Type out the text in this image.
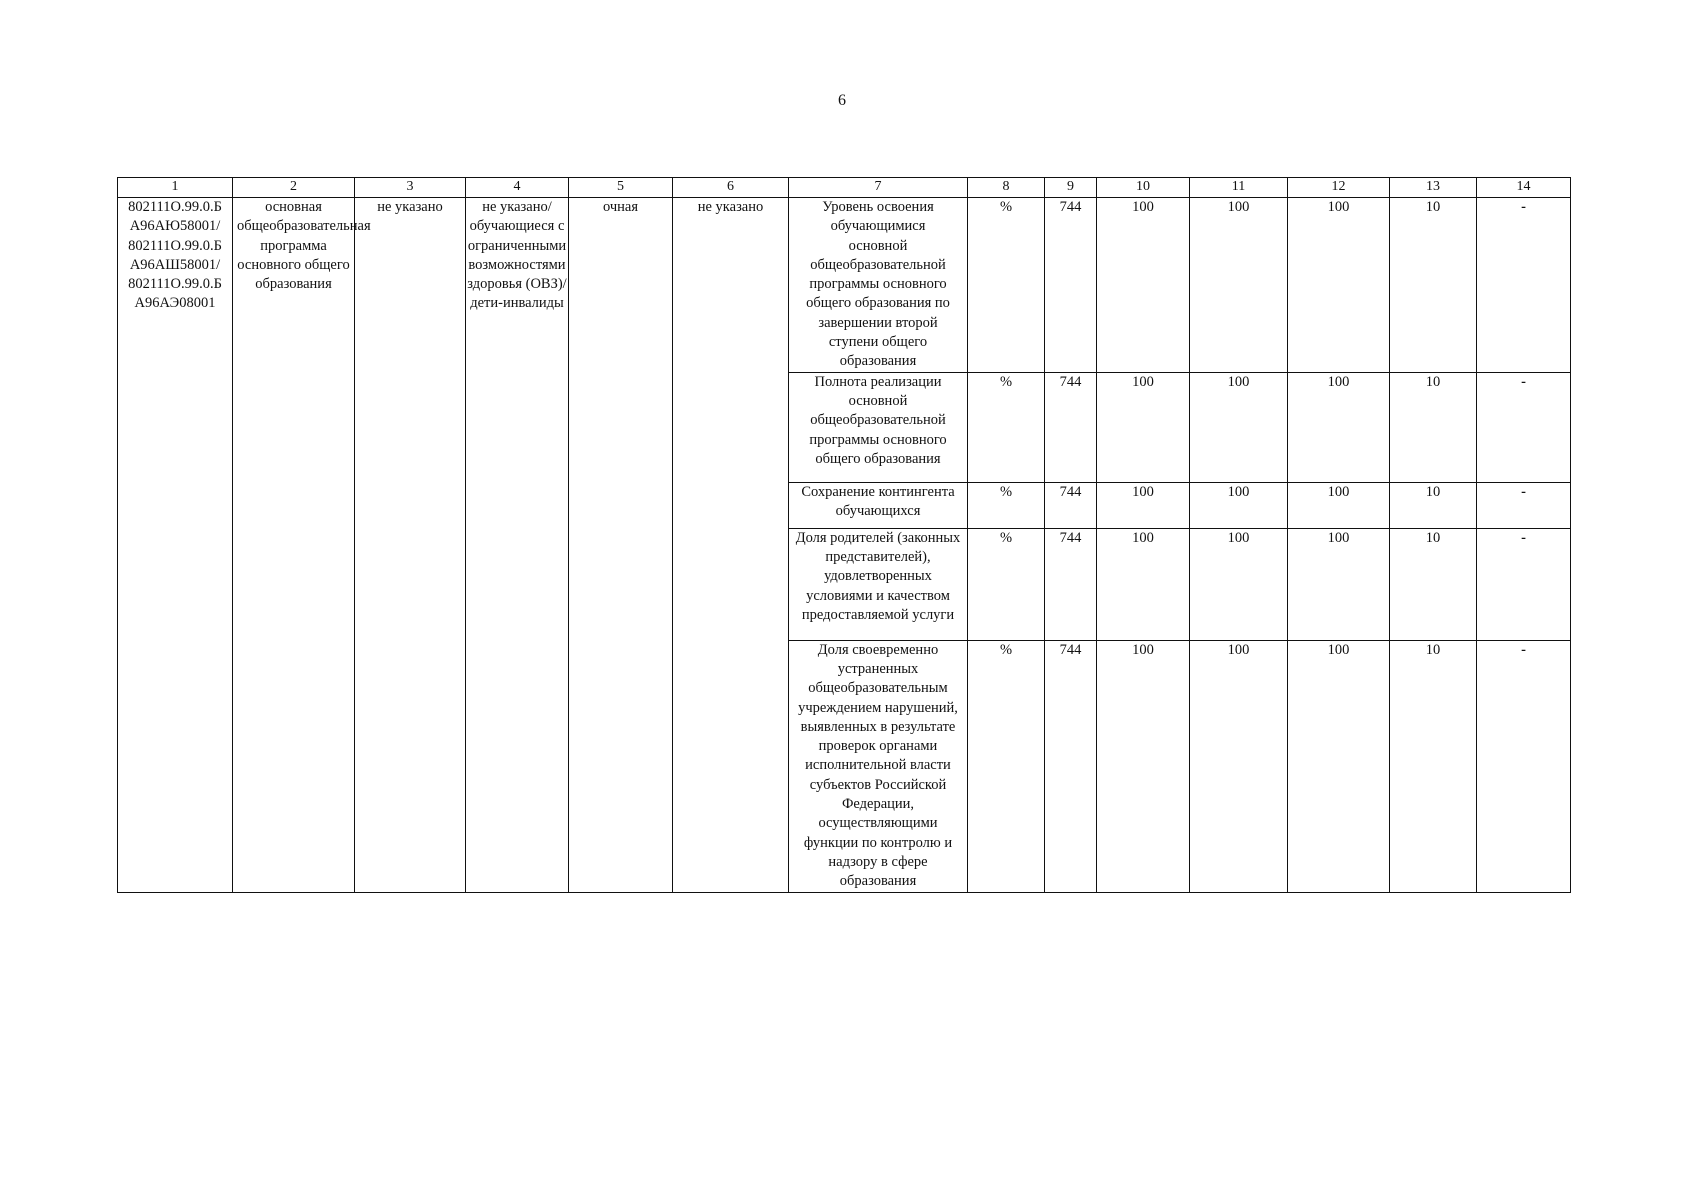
6
1	2	3	4	5	6	7	8	9	10	11	12	13	14
802111О.99.0.Б А96АЮ58001/ 802111О.99.0.Б А96АШ58001/ 802111О.99.0.Б А96АЭ08001	основная общеобразовательная программа основного общего образования	не указано	не указано/ обучающиеся с ограниченными возможностями здоровья (ОВЗ)/ дети-инвалиды	очная	не указано	Уровень освоения обучающимися основной общеобразовательной программы основного общего образования по завершении второй ступени общего образования	%	744	100	100	100	10	-
						Полнота реализации основной общеобразовательной программы основного общего образования	%	744	100	100	100	10	-
						Сохранение контингента обучающихся	%	744	100	100	100	10	-
						Доля родителей (законных представителей), удовлетворенных условиями и качеством предоставляемой услуги	%	744	100	100	100	10	-
						Доля своевременно устраненных общеобразовательным учреждением нарушений, выявленных в результате проверок органами исполнительной власти субъектов Российской Федерации, осуществляющими функции по контролю и надзору в сфере образования	%	744	100	100	100	10	-
